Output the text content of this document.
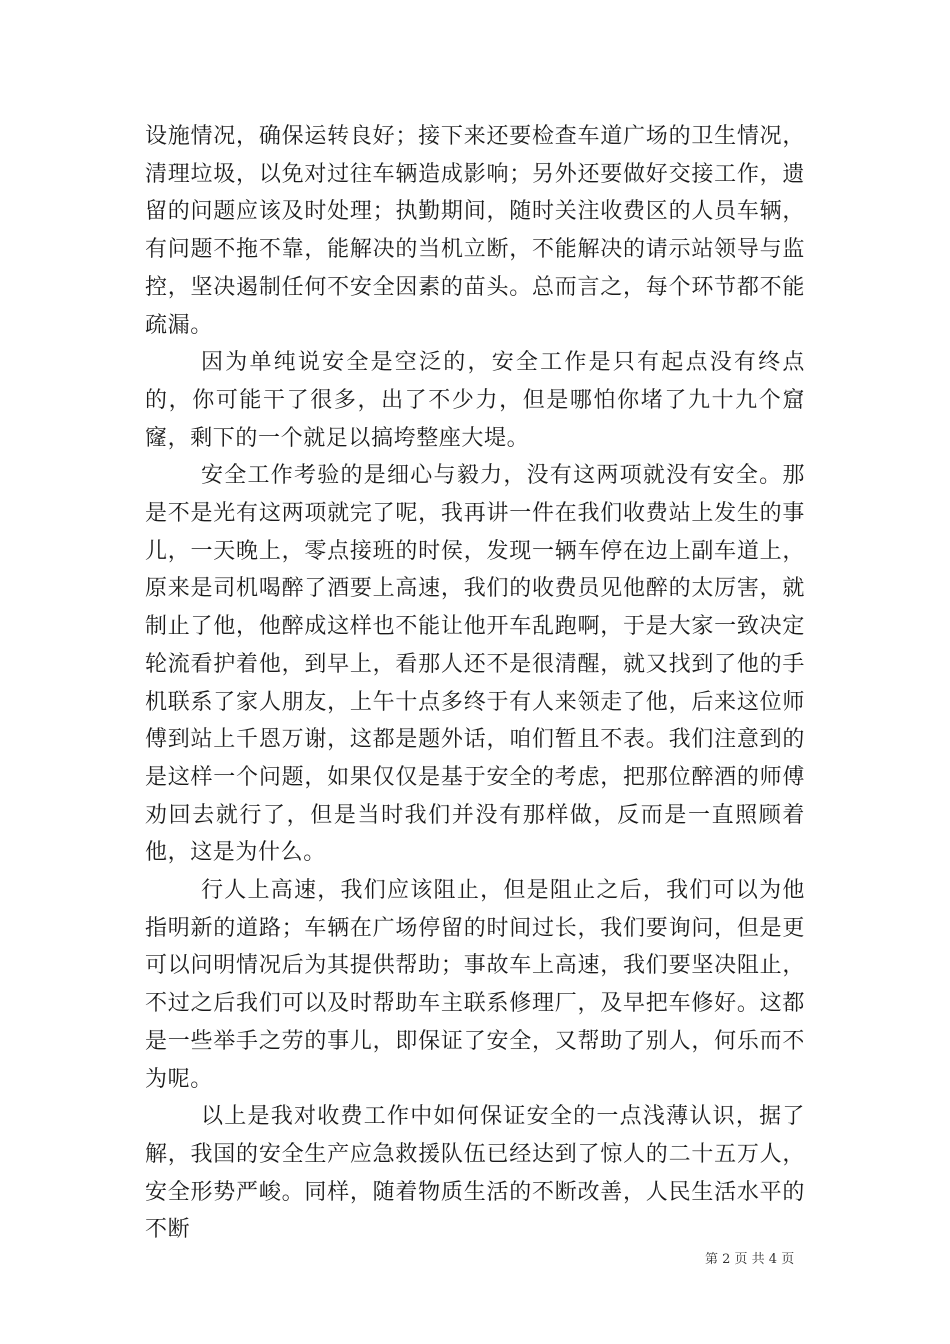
设施情况，确保运转良好；接下来还要检查车道广场的卫生情况，清理垃圾，以免对过往车辆造成影响；另外还要做好交接工作，遗留的问题应该及时处理；执勤期间，随时关注收费区的人员车辆，有问题不拖不靠，能解决的当机立断，不能解决的请示站领导与监控，坚决遏制任何不安全因素的苗头。总而言之，每个环节都不能疏漏。

因为单纯说安全是空泛的，安全工作是只有起点没有终点的，你可能干了很多，出了不少力，但是哪怕你堵了九十九个窟窿，剩下的一个就足以搞垮整座大堤。

安全工作考验的是细心与毅力，没有这两项就没有安全。那是不是光有这两项就完了呢，我再讲一件在我们收费站上发生的事儿，一天晚上，零点接班的时侯，发现一辆车停在边上副车道上，原来是司机喝醉了酒要上高速，我们的收费员见他醉的太厉害，就制止了他，他醉成这样也不能让他开车乱跑啊，于是大家一致决定轮流看护着他，到早上，看那人还不是很清醒，就又找到了他的手机联系了家人朋友，上午十点多终于有人来领走了他，后来这位师傅到站上千恩万谢，这都是题外话，咱们暂且不表。我们注意到的是这样一个问题，如果仅仅是基于安全的考虑，把那位醉酒的师傅劝回去就行了，但是当时我们并没有那样做，反而是一直照顾着他，这是为什么。

行人上高速，我们应该阻止，但是阻止之后，我们可以为他指明新的道路；车辆在广场停留的时间过长，我们要询问，但是更可以问明情况后为其提供帮助；事故车上高速，我们要坚决阻止，不过之后我们可以及时帮助车主联系修理厂，及早把车修好。这都是一些举手之劳的事儿，即保证了安全，又帮助了别人，何乐而不为呢。

以上是我对收费工作中如何保证安全的一点浅薄认识，据了解，我国的安全生产应急救援队伍已经达到了惊人的二十五万人，安全形势严峻。同样，随着物质生活的不断改善，人民生活水平的不断

第 2 页 共 4 页
